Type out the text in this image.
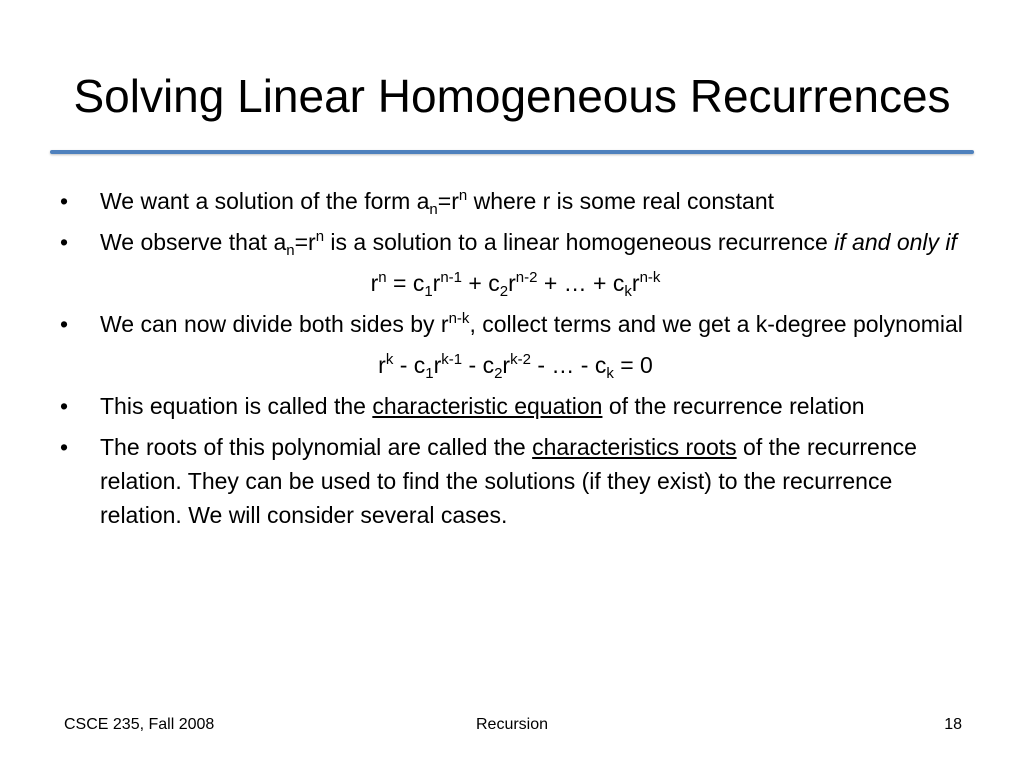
Solving Linear Homogeneous Recurrences
• We want a solution of the form $a_n=r^n$ where r is some real constant
• We observe that $a_n=r^n$ is a solution to a linear homogeneous recurrence if and only if
$r^n = c_1r^{n-1} + c_2r^{n-2}$ + … + $c_kr^{n-k}$
• We can now divide both sides by $r^{n-k}$, collect terms and we get a k-degree polynomial
$r^k - c_1r^{k-1} - c_2r^{k-2}$ - … - $c_k = 0$
• This equation is called the characteristic equation of the recurrence relation
• The roots of this polynomial are called the characteristics roots of the recurrence relation. They can be used to find the solutions (if they exist) to the recurrence relation. We will consider several cases.
CSCE 235, Fall 2008	Recursion	18
